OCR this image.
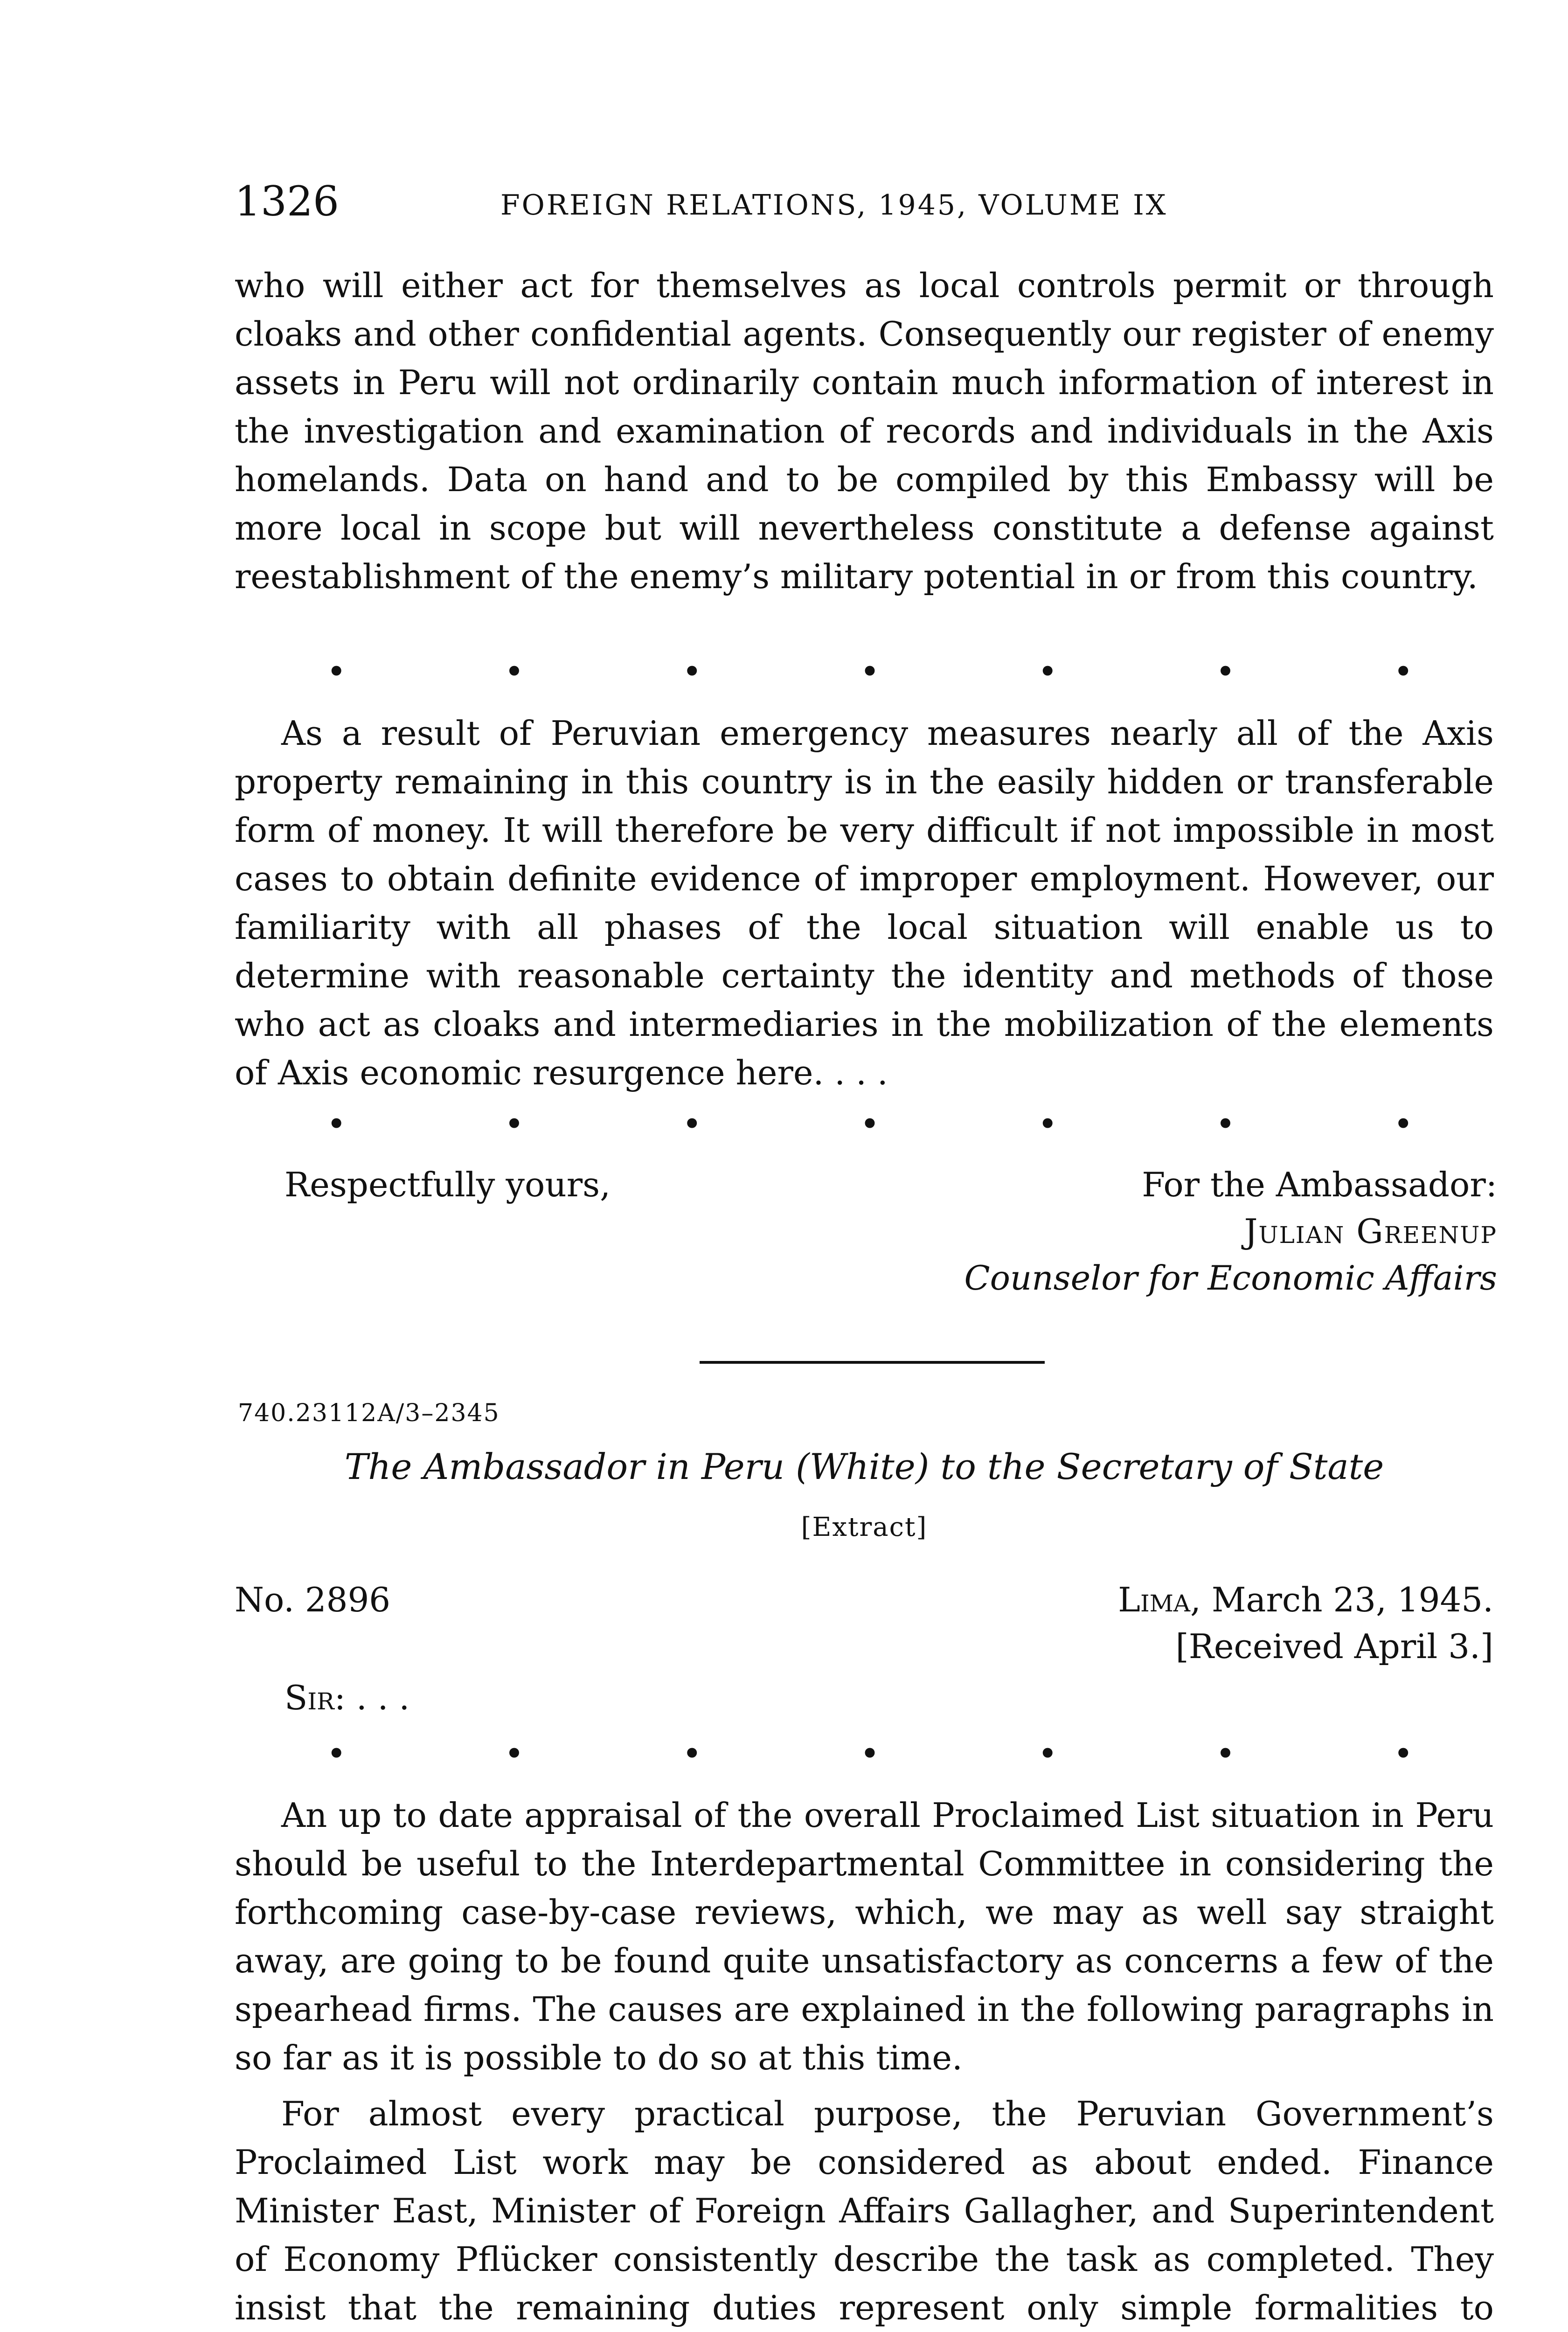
1326	FOREIGN RELATIONS, 1945, VOLUME IX

who will either act for themselves as local controls permit or through cloaks and other confidential agents. Consequently our register of enemy assets in Peru will not ordinarily contain much information of interest in the investigation and examination of records and individuals in the Axis homelands. Data on hand and to be compiled by this Embassy will be more local in scope but will nevertheless constitute a defense against reestablishment of the enemy’s military potential in or from this country.

•	•	•	•	•	•	•

As a result of Peruvian emergency measures nearly all of the Axis property remaining in this country is in the easily hidden or transferable form of money. It will therefore be very difficult if not impossible in most cases to obtain definite evidence of improper employment. However, our familiarity with all phases of the local situation will enable us to determine with reasonable certainty the identity and methods of those who act as cloaks and intermediaries in the mobilization of the elements of Axis economic resurgence here. . . .

•	•	•	•	•	•	•
Respectfully yours,	For the Ambassador:
Julian Greenup
Counselor for Economic Affairs
740.23112A/3–2345
The Ambassador in Peru (White) to the Secretary of State
[Extract]
No. 2896	Lima, March 23, 1945.
[Received April 3.]
Sir: . . .
•	•	•	•	•	•	•

An up to date appraisal of the overall Proclaimed List situation in Peru should be useful to the Interdepartmental Committee in considering the forthcoming case-by-case reviews, which, we may as well say straight away, are going to be found quite unsatisfactory as concerns a few of the spearhead firms. The causes are explained in the following paragraphs in so far as it is possible to do so at this time.

For almost every practical purpose, the Peruvian Government’s Proclaimed List work may be considered as about ended. Finance Minister East, Minister of Foreign Affairs Gallagher, and Superintendent of Economy Pflücker consistently describe the task as completed. They insist that the remaining duties represent only simple formalities to
